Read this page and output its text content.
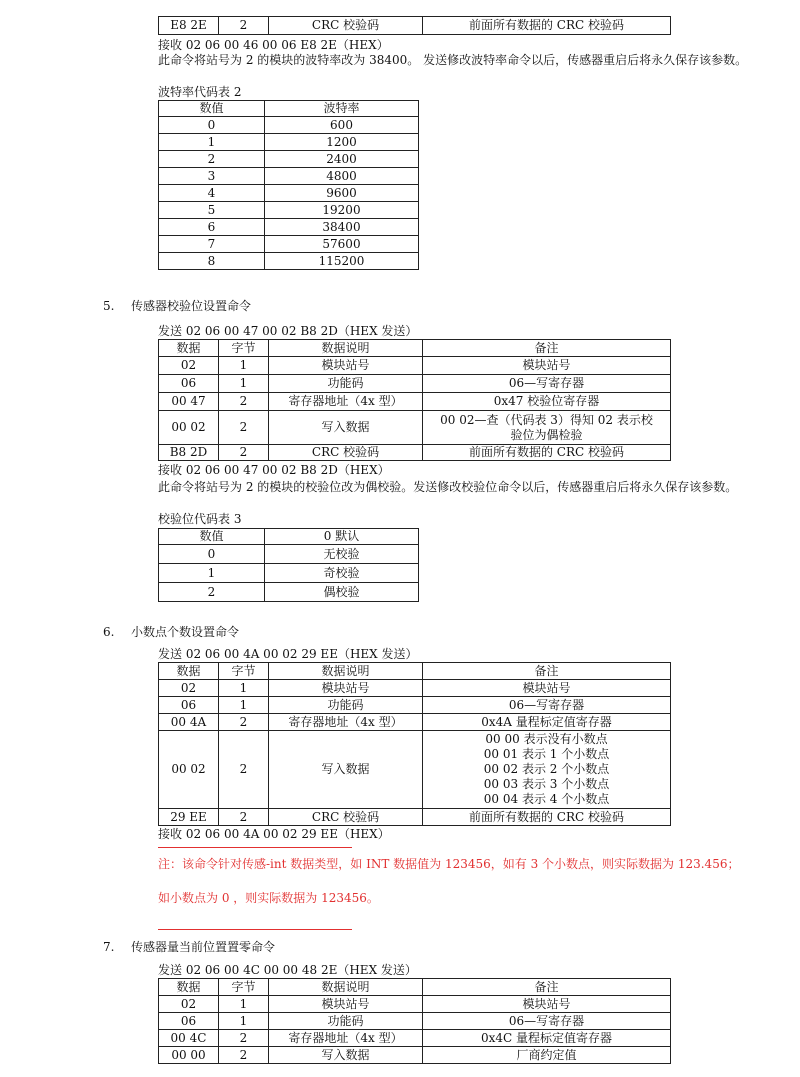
E8 2E	2	CRC 校验码	前面所有数据的 CRC 校验码
接收 02 06 00 46 00 06 E8 2E（HEX）
此命令将站号为 2 的模块的波特率改为 38400。 发送修改波特率命令以后，传感器重启后将永久保存该参数。
波特率代码表 2
数值	波特率
0	600
1	1200
2	2400
3	4800
4	9600
5	19200
6	38400
7	57600
8	115200
5. 传感器校验位设置命令
发送 02 06 00 47 00 02 B8 2D（HEX 发送）
数据	字节	数据说明	备注
02	1	模块站号	模块站号
06	1	功能码	06—写寄存器
00 47	2	寄存器地址（4x 型）	0x47 校验位寄存器
00 02	2	写入数据	00 02—查（代码表 3）得知 02 表示校验位为偶检验
B8 2D	2	CRC 校验码	前面所有数据的 CRC 校验码
接收 02 06 00 47 00 02 B8 2D（HEX）
此命令将站号为 2 的模块的校验位改为偶校验。发送修改校验位命令以后，传感器重启后将永久保存该参数。
校验位代码表 3
数值	0 默认
0	无校验
1	奇校验
2	偶校验
6. 小数点个数设置命令
发送 02 06 00 4A 00 02 29 EE（HEX 发送）
数据	字节	数据说明	备注
02	1	模块站号	模块站号
06	1	功能码	06—写寄存器
00 4A	2	寄存器地址（4x 型）	0x4A 量程标定值寄存器
00 02	2	写入数据	00 00 表示没有小数点
00 01 表示 1 个小数点
00 02 表示 2 个小数点
00 03 表示 3 个小数点
00 04 表示 4 个小数点

29 EE	2	CRC 校验码	前面所有数据的 CRC 校验码
接收 02 06 00 4A 00 02 29 EE（HEX）
注：该命令针对传感-int 数据类型，如 INT 数据值为 123456，如有 3 个小数点，则实际数据为 123.456；
如小数点为 0 ，则实际数据为 123456。
7. 传感器量当前位置置零命令
发送 02 06 00 4C 00 00 48 2E（HEX 发送）
数据	字节	数据说明	备注
02	1	模块站号	模块站号
06	1	功能码	06—写寄存器
00 4C	2	寄存器地址（4x 型）	0x4C 量程标定值寄存器
00 00	2	写入数据	厂商约定值
